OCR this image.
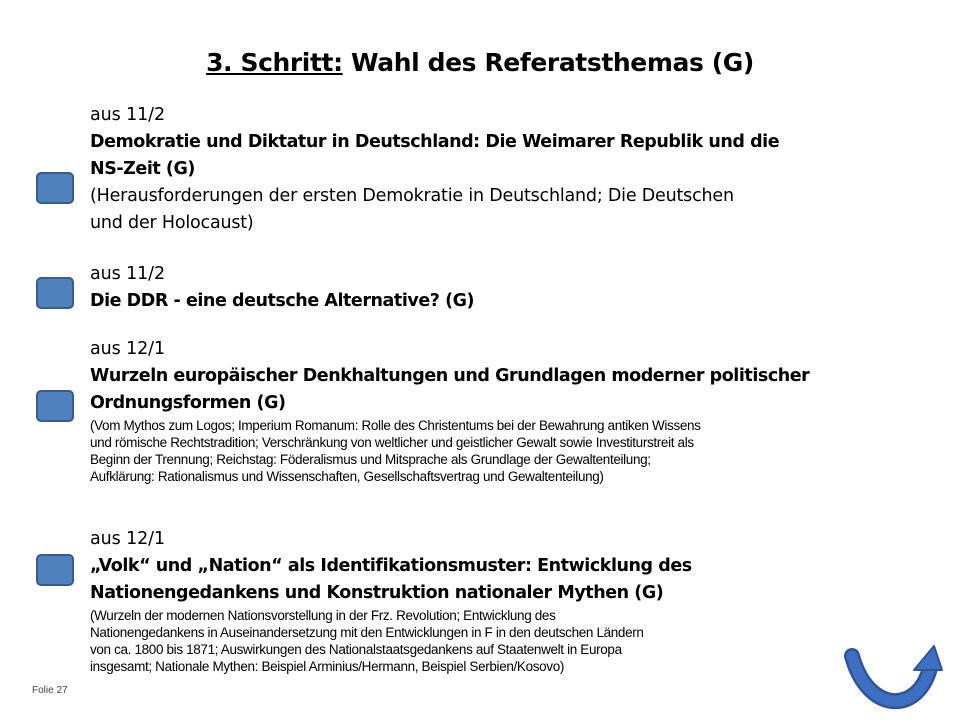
3. Schritt: Wahl des Referatsthemas (G)
aus 11/2
Demokratie und Diktatur in Deutschland: Die Weimarer Republik und die
NS-Zeit (G)
(Herausforderungen der ersten Demokratie in Deutschland; Die Deutschen
und der Holocaust)
aus 11/2
Die DDR - eine deutsche Alternative? (G)
aus 12/1
Wurzeln europäischer Denkhaltungen und Grundlagen moderner politischer
Ordnungsformen (G)
(Vom Mythos zum Logos; Imperium Romanum: Rolle des Christentums bei der Bewahrung antiken Wissens
und römische Rechtstradition; Verschränkung von weltlicher und geistlicher Gewalt sowie Investiturstreit als
Beginn der Trennung; Reichstag: Föderalismus und Mitsprache als Grundlage der Gewaltenteilung;
Aufklärung: Rationalismus und Wissenschaften, Gesellschaftsvertrag und Gewaltenteilung)
aus 12/1
„Volk“ und „Nation“ als Identifikationsmuster: Entwicklung des
Nationengedankens und Konstruktion nationaler Mythen (G)
(Wurzeln der modernen Nationsvorstellung in der Frz. Revolution; Entwicklung des
Nationengedankens in Auseinandersetzung mit den Entwicklungen in F in den deutschen Ländern
von ca. 1800 bis 1871; Auswirkungen des Nationalstaatsgedankens auf Staatenwelt in Europa
insgesamt; Nationale Mythen: Beispiel Arminius/Hermann, Beispiel Serbien/Kosovo)
Folie 27
